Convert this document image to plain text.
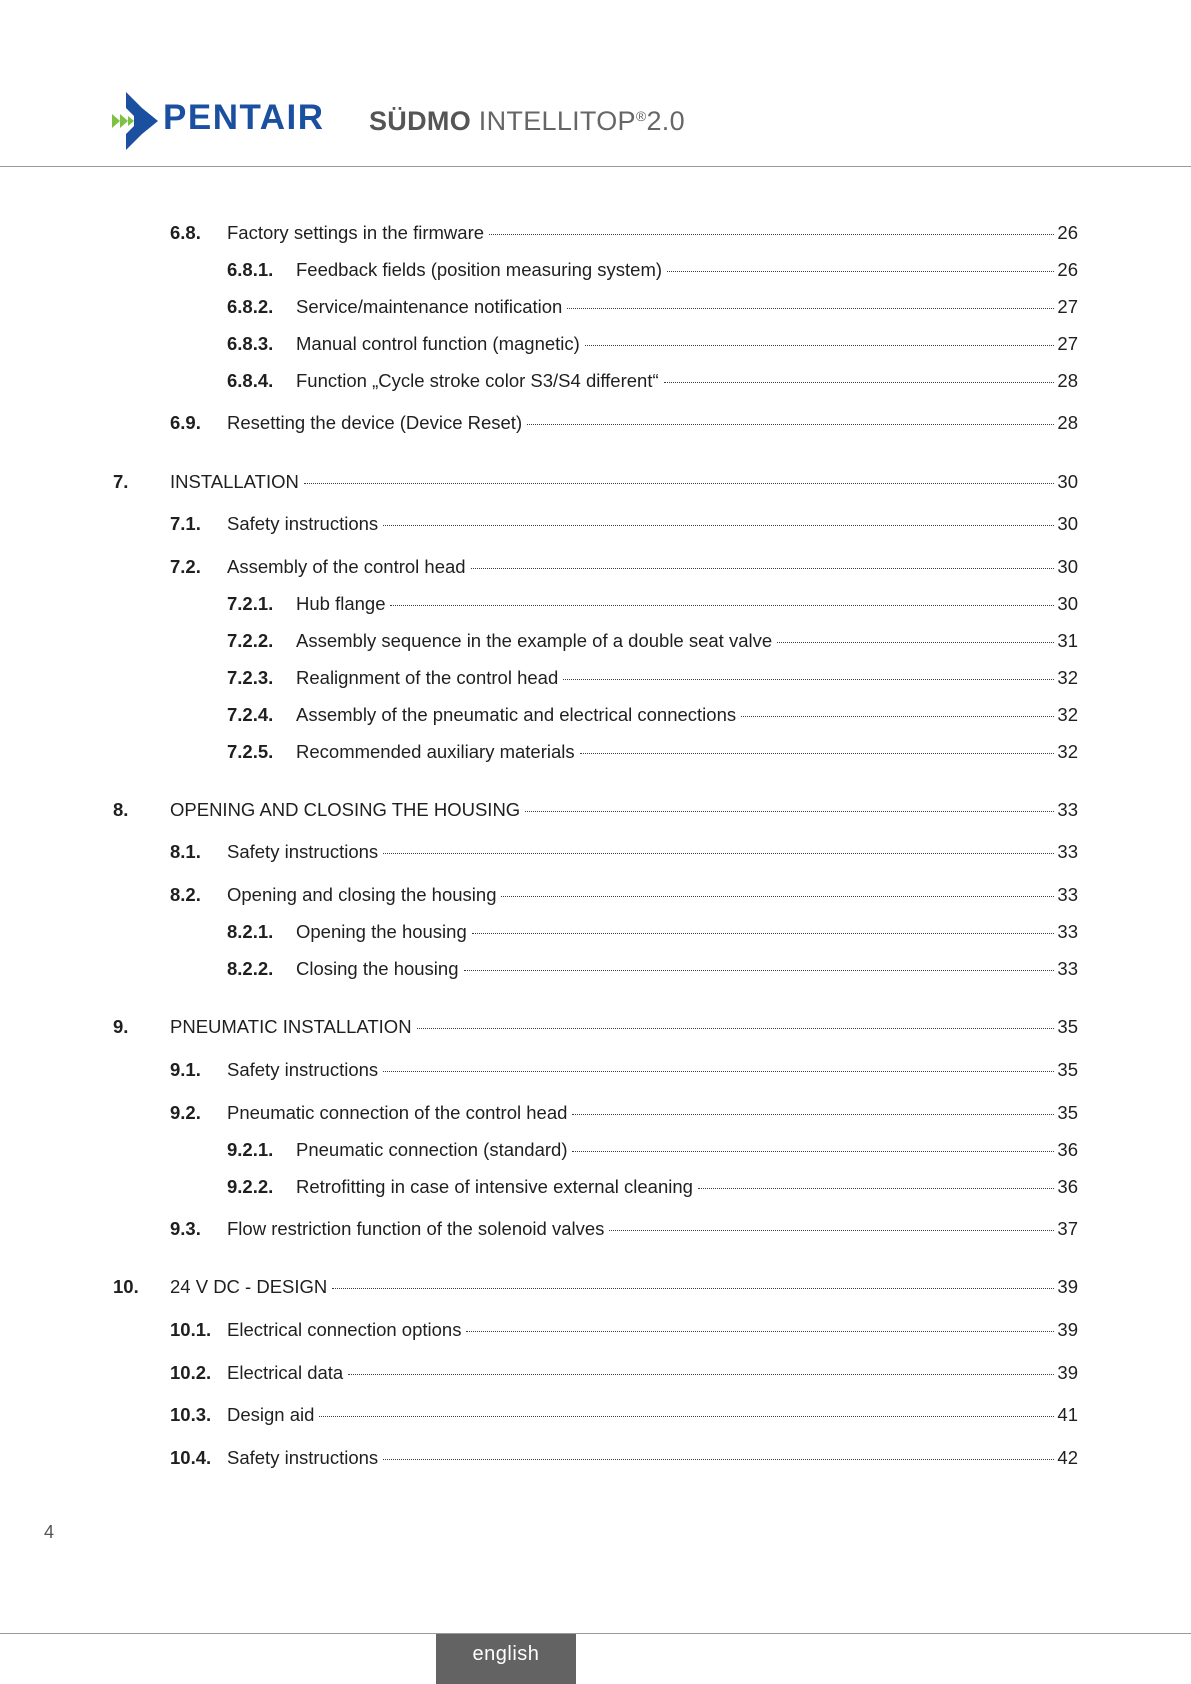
PENTAIR SÜDMO INTELLITOP®2.0
6.8.	Factory settings in the firmware	26
6.8.1.	Feedback fields (position measuring system)	26
6.8.2.	Service/maintenance notification	27
6.8.3.	Manual control function (magnetic)	27
6.8.4.	Function „Cycle stroke color S3/S4 different“	28
6.9.	Resetting the device (Device Reset)	28
7.	INSTALLATION	30
7.1.	Safety instructions	30
7.2.	Assembly of the control head	30
7.2.1.	Hub flange	30
7.2.2.	Assembly sequence in the example of a double seat valve	31
7.2.3.	Realignment of the control head	32
7.2.4.	Assembly of the pneumatic and electrical connections	32
7.2.5.	Recommended auxiliary materials	32
8.	OPENING AND CLOSING THE HOUSING	33
8.1.	Safety instructions	33
8.2.	Opening and closing the housing	33
8.2.1.	Opening the housing	33
8.2.2.	Closing the housing	33
9.	PNEUMATIC INSTALLATION	35
9.1.	Safety instructions	35
9.2.	Pneumatic connection of the control head	35
9.2.1.	Pneumatic connection (standard)	36
9.2.2.	Retrofitting in case of intensive external cleaning	36
9.3.	Flow restriction function of the solenoid valves	37
10.	24 V DC - DESIGN	39
10.1. Electrical connection options	39
10.2. Electrical data	39
10.3. Design aid	41
10.4. Safety instructions	42
4
english
